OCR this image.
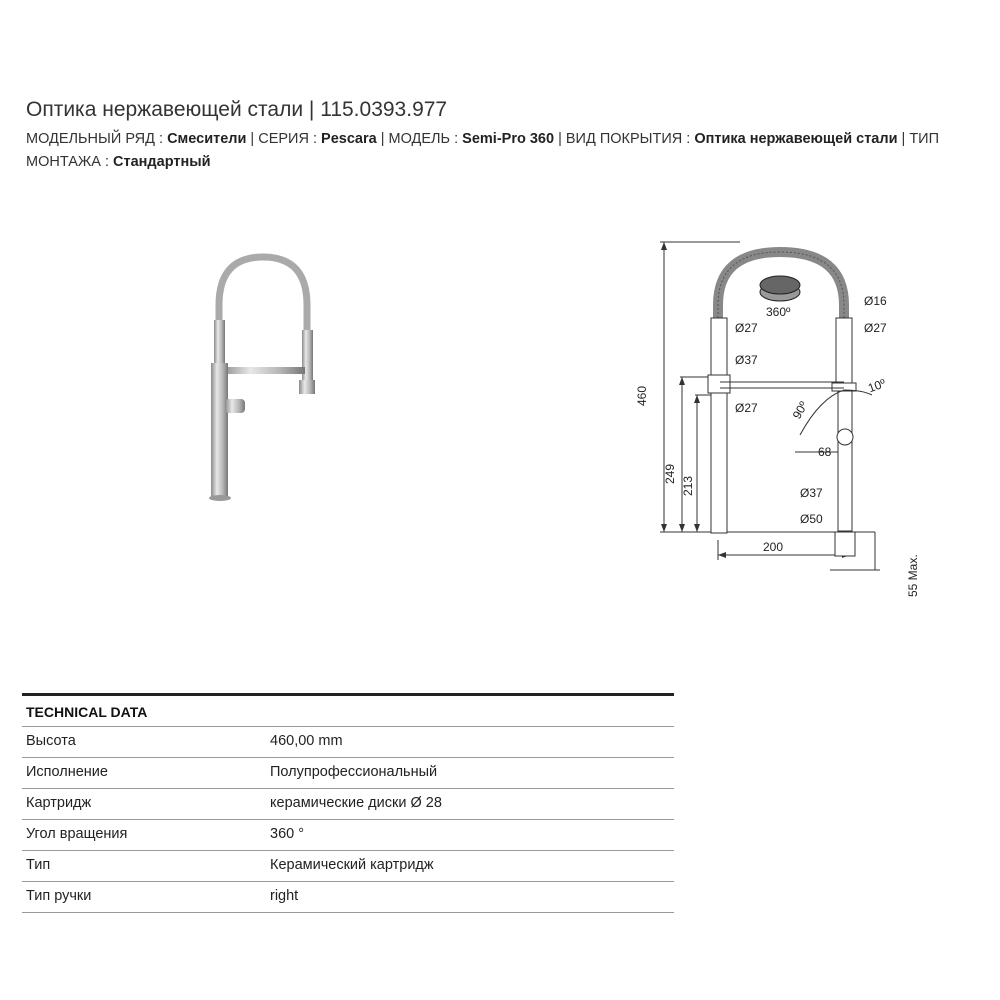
Оптика нержавеющей стали | 115.0393.977
МОДЕЛЬНЫЙ РЯД : Смесители | СЕРИЯ : Pescara | МОДЕЛЬ : Semi-Pro 360 | ВИД ПОКРЫТИЯ : Оптика нержавеющей стали | ТИП МОНТАЖА : Стандартный
460
249
213
200
68
Ø16
Ø27	Ø27
Ø37
Ø27
Ø37
Ø50
360º
90º
10º
55 Max.
TECHNICAL DATA
Высота	460,00 mm
Исполнение	Полупрофессиональный
Картридж	керамические диски Ø 28
Угол вращения	360 °
Тип	Керамический картридж
Тип ручки	right
